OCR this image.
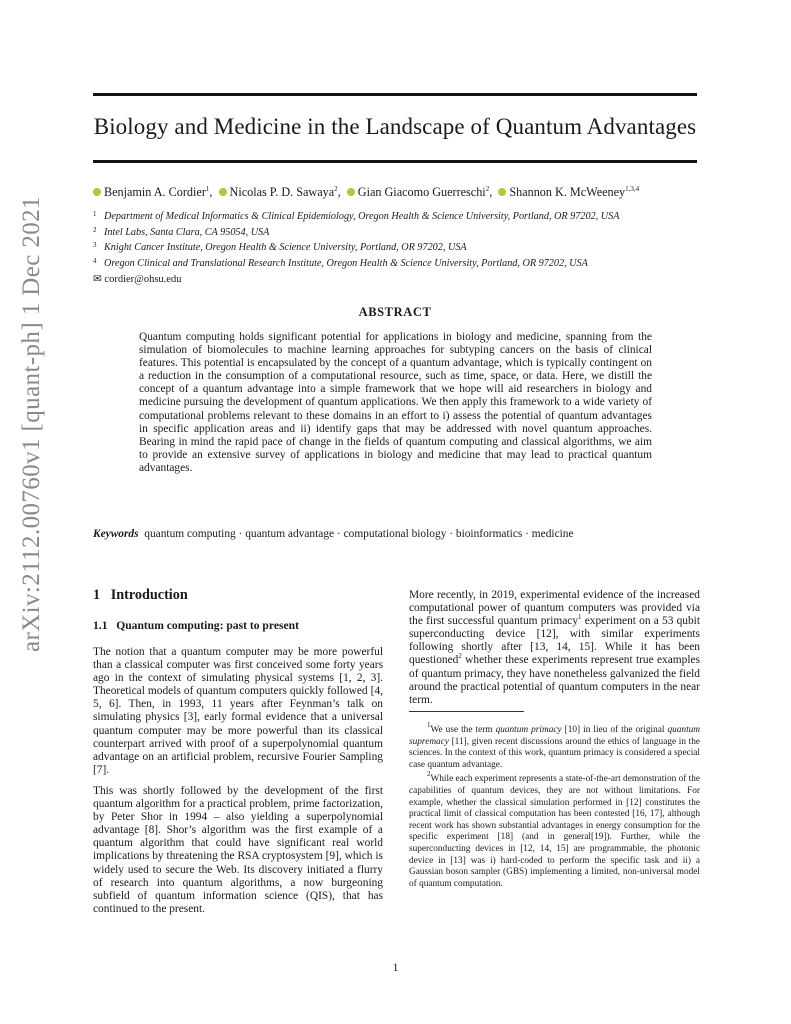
arXiv:2112.00760v1 [quant-ph] 1 Dec 2021
Biology and Medicine in the Landscape of Quantum Advantages
Benjamin A. Cordier$^1$,  Nicolas P. D. Sawaya$^2$,  Gian Giacomo Guerreschi$^2$,  Shannon K. McWeeney$^{1,3,4}$
1 Department of Medical Informatics & Clinical Epidemiology, Oregon Health & Science University, Portland, OR 97202, USA
2 Intel Labs, Santa Clara, CA 95054, USA
3 Knight Cancer Institute, Oregon Health & Science University, Portland, OR 97202, USA
4 Oregon Clinical and Translational Research Institute, Oregon Health & Science University, Portland, OR 97202, USA
✉ cordier@ohsu.edu
ABSTRACT
Quantum computing holds significant potential for applications in biology and medicine, spanning from the simulation of biomolecules to machine learning approaches for subtyping cancers on the basis of clinical features. This potential is encapsulated by the concept of a quantum advantage, which is typically contingent on a reduction in the consumption of a computational resource, such as time, space, or data. Here, we distill the concept of a quantum advantage into a simple framework that we hope will aid researchers in biology and medicine pursuing the development of quantum applications. We then apply this framework to a wide variety of computational problems relevant to these domains in an effort to i) assess the potential of quantum advantages in specific application areas and ii) identify gaps that may be addressed with novel quantum approaches. Bearing in mind the rapid pace of change in the fields of quantum computing and classical algorithms, we aim to provide an extensive survey of applications in biology and medicine that may lead to practical quantum advantages.
Keywords quantum computing · quantum advantage · computational biology · bioinformatics · medicine
1 Introduction
1.1 Quantum computing: past to present

The notion that a quantum computer may be more powerful than a classical computer was first conceived some forty years ago in the context of simulating physical systems [1, 2, 3]. Theoretical models of quantum computers quickly followed [4, 5, 6]. Then, in 1993, 11 years after Feynman’s talk on simulating physics [3], early formal evidence that a universal quantum computer may be more powerful than its classical counterpart arrived with proof of a superpolynomial quantum advantage on an artificial problem, recursive Fourier Sampling [7].

This was shortly followed by the development of the first quantum algorithm for a practical problem, prime factorization, by Peter Shor in 1994 – also yielding a superpolynomial advantage [8]. Shor’s algorithm was the first example of a quantum algorithm that could have significant real world implications by threatening the RSA cryptosystem [9], which is widely used to secure the Web. Its discovery initiated a flurry of research into quantum algorithms, a now burgeoning subfield of quantum information science (QIS), that has continued to the present.

More recently, in 2019, experimental evidence of the increased computational power of quantum computers was provided via the first successful quantum primacy$^1$ experiment on a 53 qubit superconducting device [12], with similar experiments following shortly after [13, 14, 15]. While it has been questioned$^2$ whether these experiments represent true examples of quantum primacy, they have nonetheless galvanized the field around the practical potential of quantum computers in the near term.

$^1$We use the term quantum primacy [10] in lieu of the original quantum supremacy [11], given recent discussions around the ethics of language in the sciences. In the context of this work, quantum primacy is considered a special case quantum advantage.

$^2$While each experiment represents a state-of-the-art demonstration of the capabilities of quantum devices, they are not without limitations. For example, whether the classical simulation performed in [12] constitutes the practical limit of classical computation has been contested [16, 17], although recent work has shown substantial advantages in energy consumption for the specific experiment [18] (and in general[19]). Further, while the superconducting devices in [12, 14, 15] are programmable, the photonic device in [13] was i) hard-coded to perform the specific task and ii) a Gaussian boson sampler (GBS) implementing a limited, non-universal model of quantum computation.

1
